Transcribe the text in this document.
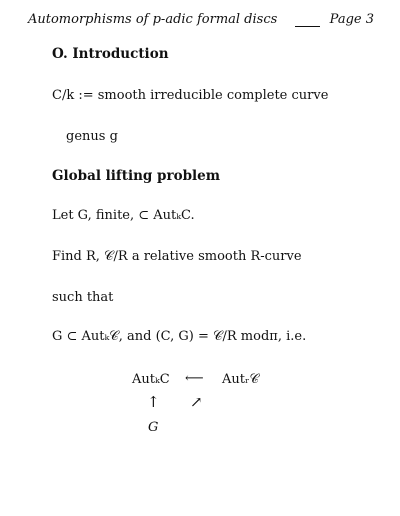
Automorphisms of p-adic formal discs	Page 3
O. Introduction
C/k := smooth irreducible complete curve
genus g
Global lifting problem
Let G, finite, ⊂ AutₖC.
Find R, 𝒞/R a relative smooth R-curve
such that
G ⊂ Autₖ𝒞, and (C, G) = 𝒞/R modπ, i.e.
AutₖC ⟵ Autᵣ𝒞
↑ ↗
G
